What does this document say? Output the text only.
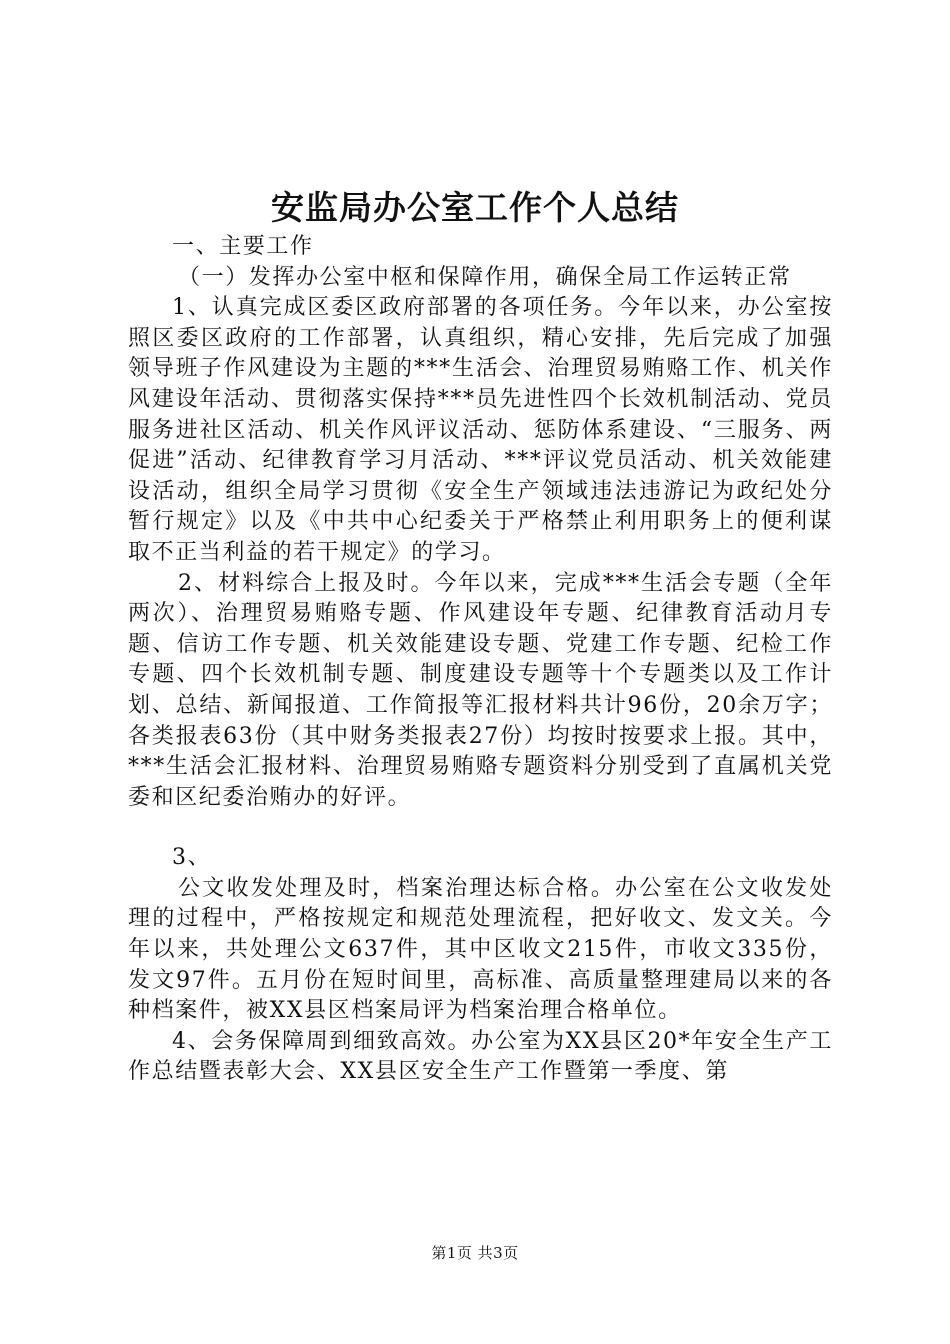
安监局办公室工作个人总结

一、主要工作

（一）发挥办公室中枢和保障作用，确保全局工作运转正常

1、认真完成区委区政府部署的各项任务。今年以来，办公室按照区委区政府的工作部署，认真组织，精心安排，先后完成了加强领导班子作风建设为主题的***生活会、治理贸易贿赂工作、机关作风建设年活动、贯彻落实保持***员先进性四个长效机制活动、党员服务进社区活动、机关作风评议活动、惩防体系建设、“三服务、两促进”活动、纪律教育学习月活动、***评议党员活动、机关效能建设活动，组织全局学习贯彻《安全生产领域违法违游记为政纪处分暂行规定》以及《中共中心纪委关于严格禁止利用职务上的便利谋取不正当利益的若干规定》的学习。

2、材料综合上报及时。今年以来，完成***生活会专题（全年两次）、治理贸易贿赂专题、作风建设年专题、纪律教育活动月专题、信访工作专题、机关效能建设专题、党建工作专题、纪检工作专题、四个长效机制专题、制度建设专题等十个专题类以及工作计划、总结、新闻报道、工作简报等汇报材料共计96份，20余万字；各类报表63份（其中财务类报表27份）均按时按要求上报。其中，***生活会汇报材料、治理贸易贿赂专题资料分别受到了直属机关党委和区纪委治贿办的好评。

3、

公文收发处理及时，档案治理达标合格。办公室在公文收发处理的过程中，严格按规定和规范处理流程，把好收文、发文关。今年以来，共处理公文637件，其中区收文215件，市收文335份，发文97件。五月份在短时间里，高标准、高质量整理建局以来的各种档案件，被XX县区档案局评为档案治理合格单位。

4、会务保障周到细致高效。办公室为XX县区20*年安全生产工作总结暨表彰大会、XX县区安全生产工作暨第一季度、第

第1页 共3页
